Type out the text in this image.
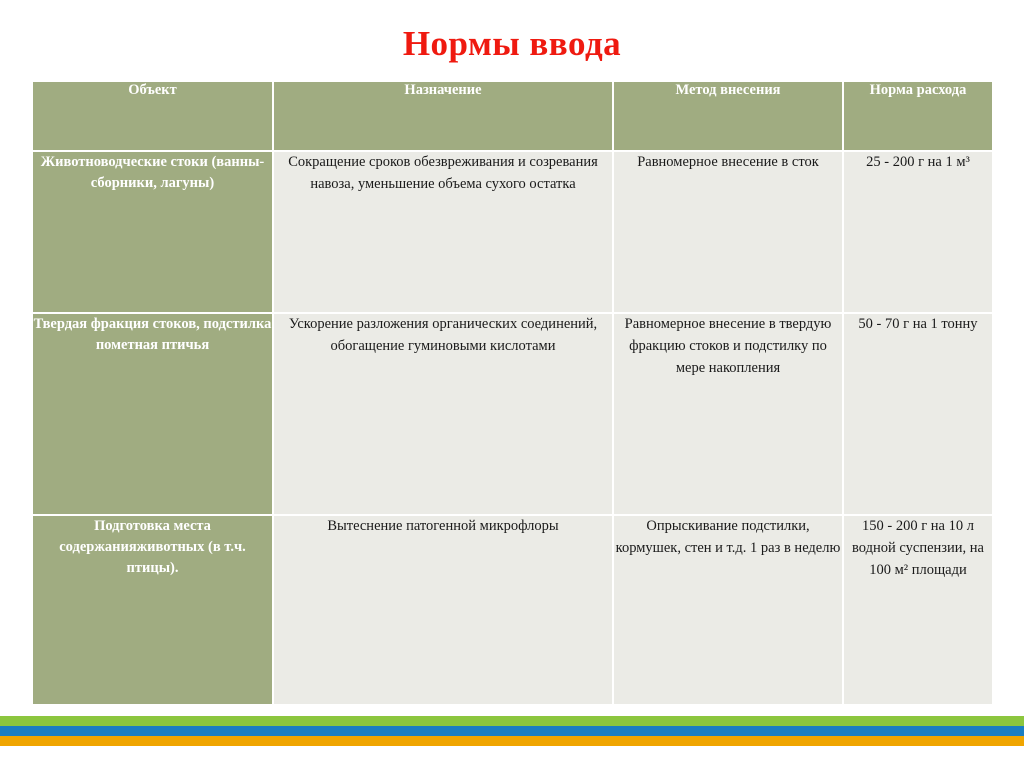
Нормы ввода
Объект	Назначение	Метод внесения	Норма расхода
Животноводческие стоки (ванны-сборники, лагуны)	Сокращение сроков обезвреживания и созревания навоза, уменьшение объема сухого остатка	Равномерное внесение в сток	25 - 200 г на 1 м³
Твердая фракция стоков, подстилка пометная птичья	Ускорение разложения органических соединений, обогащение гуминовыми кислотами	Равномерное внесение в твердую фракцию стоков и подстилку по мере накопления	50 - 70 г на 1 тонну
Подготовка места содержанияживотных (в т.ч. птицы).	Вытеснение патогенной микрофлоры	Опрыскивание подстилки, кормушек, стен и т.д. 1 раз в неделю	150 - 200 г на 10 л водной суспензии, на 100 м² площади
